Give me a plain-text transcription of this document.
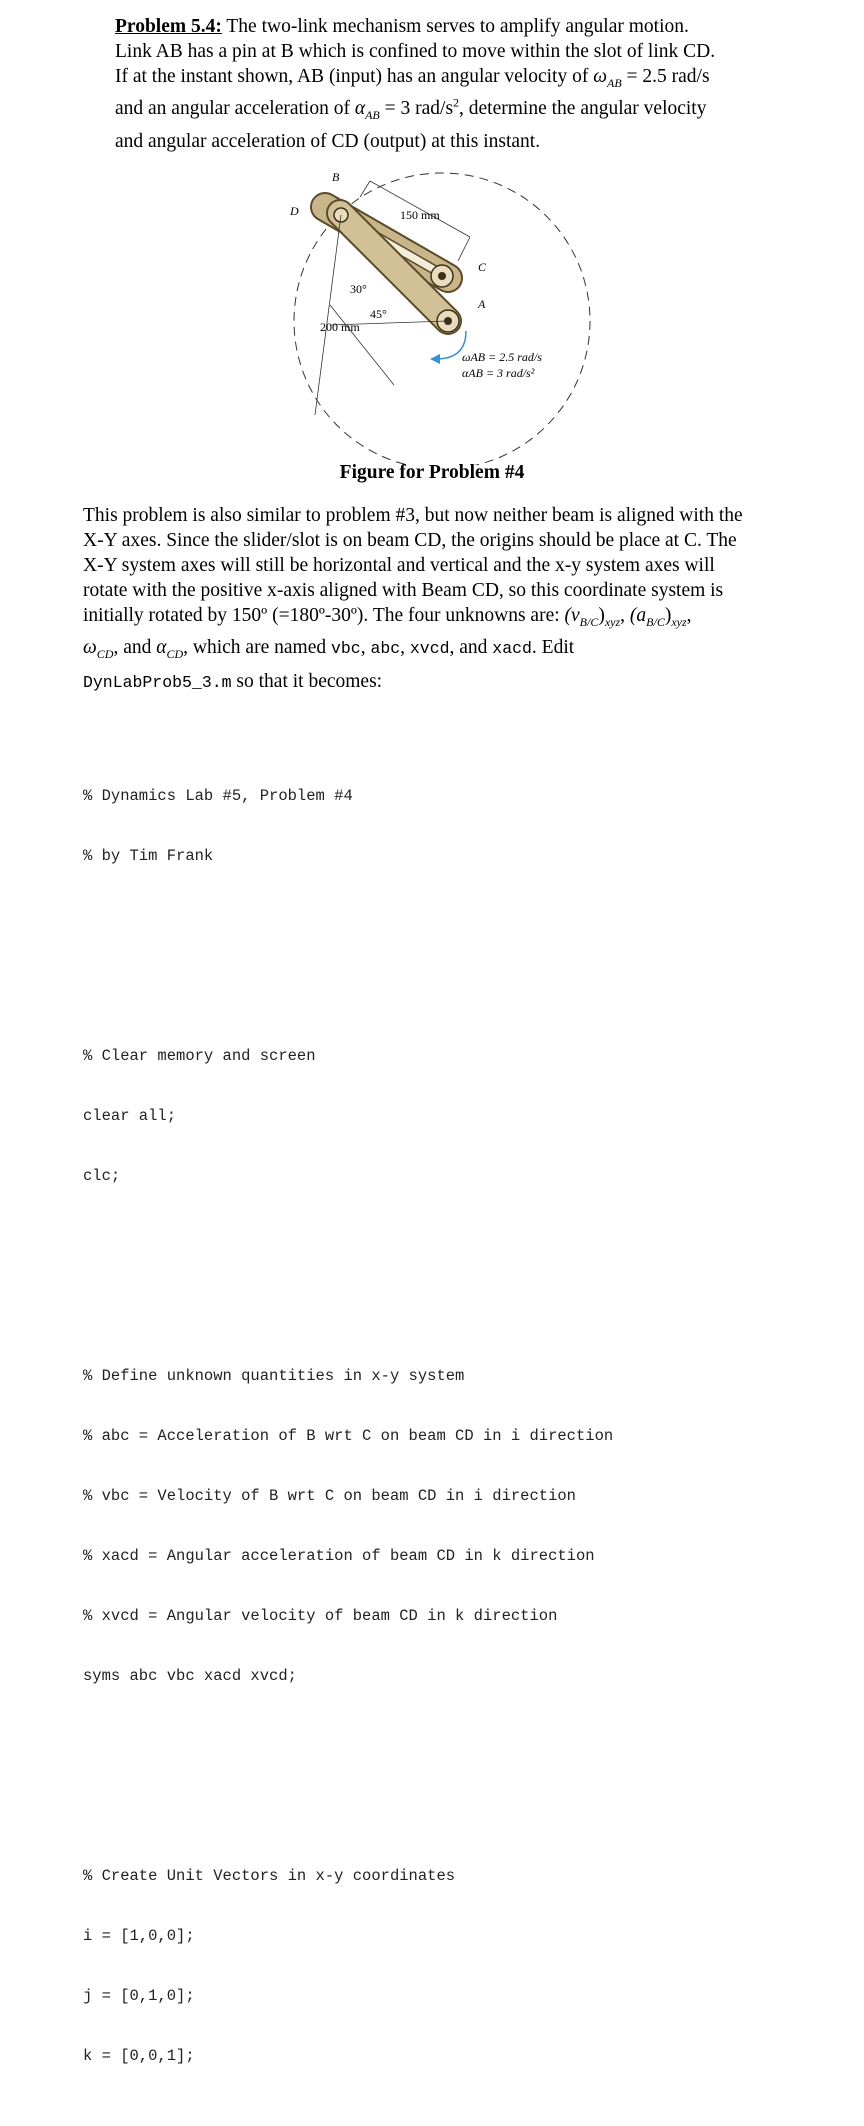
Problem 5.4: The two-link mechanism serves to amplify angular motion.
Link AB has a pin at B which is confined to move within the slot of link CD.
If at the instant shown, AB (input) has an angular velocity of $\omega_{AB} = 2.5$ rad/s
and an angular acceleration of $\alpha_{AB} = 3$ rad/$s^2$, determine the angular velocity
and angular acceleration of CD (output) at this instant.

B
D
C
A
150 mm
200 mm
30°
45°
ωAB = 2.5 rad/s
αAB = 3 rad/s²
Figure for Problem #4
This problem is also similar to problem #3, but now neither beam is aligned with the
X-Y axes. Since the slider/slot is on beam CD, the origins should be place at C. The
X-Y system axes will still be horizontal and vertical and the x-y system axes will
rotate with the positive x-axis aligned with Beam CD, so this coordinate system is
initially rotated by 150º (=180º-30º). The four unknowns are: $(v_{B/C})_{xyz}$, $(a_{B/C})_{xyz}$,
$\omega_{CD}$, and $\alpha_{CD}$, which are named vbc, abc, xvcd, and xacd. Edit
DynLabProb5_3.m so that it becomes:

% Dynamics Lab #5, Problem #4

% by Tim Frank

% Clear memory and screen

clear all;

clc;

% Define unknown quantities in x-y system

% abc = Acceleration of B wrt C on beam CD in i direction

% vbc = Velocity of B wrt C on beam CD in i direction

% xacd = Angular acceleration of beam CD in k direction

% xvcd = Angular velocity of beam CD in k direction

syms abc vbc xacd xvcd;

% Create Unit Vectors in x-y coordinates

i = [1,0,0];

j = [0,1,0];

k = [0,0,1];
